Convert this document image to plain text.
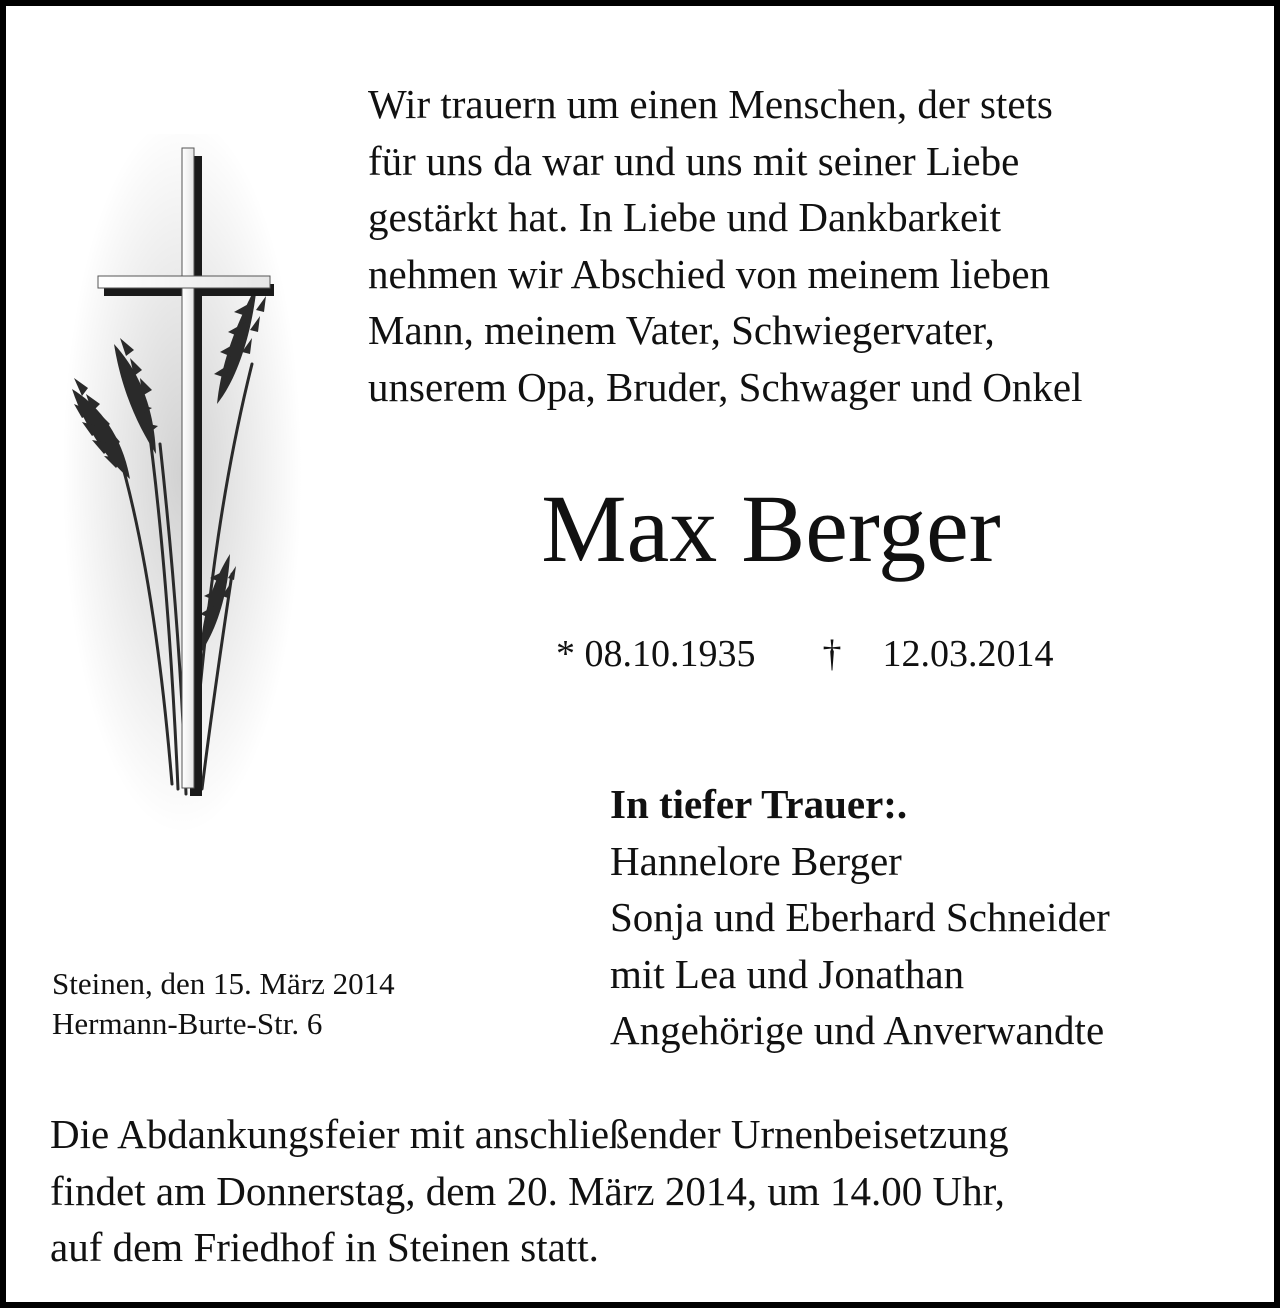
Wir trauern um einen Menschen, der stets
für uns da war und uns mit seiner Liebe
gestärkt hat. In Liebe und Dankbarkeit
nehmen wir Abschied von meinem lieben
Mann, meinem Vater, Schwiegervater,
unserem Opa, Bruder, Schwager und Onkel
Max Berger
* 08.10.1935 † 12.03.2014
In tiefer Trauer:.
Hannelore Berger
Sonja und Eberhard Schneider
mit Lea und Jonathan
Angehörige und Anverwandte
Steinen, den 15. März 2014
Hermann-Burte-Str. 6
Die Abdankungsfeier mit anschließender Urnenbeisetzung
findet am Donnerstag, dem 20. März 2014, um 14.00 Uhr,
auf dem Friedhof in Steinen statt.
